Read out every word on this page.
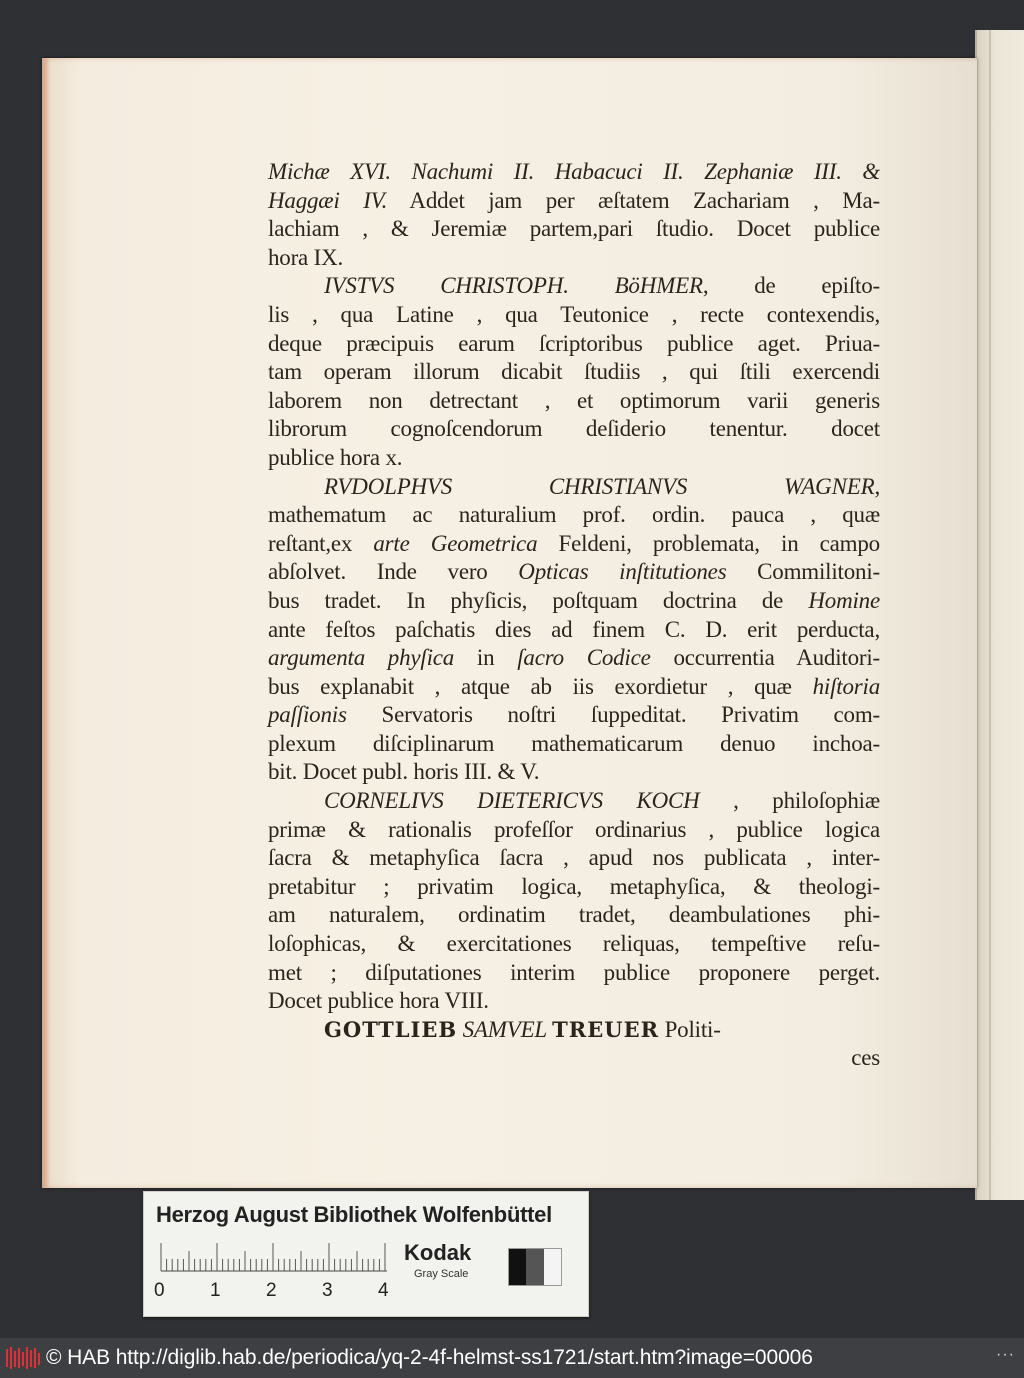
Michæ XVI. Nachumi II. Habacuci II. Zephaniæ III. &
Haggæi IV. Addet jam per æſtatem Zachariam , Ma-
lachiam , & Jeremiæ partem,pari ſtudio. Docet publice
hora IX.
IVSTVS CHRISTOPH. BöHMER, de epiſto-
lis , qua Latine , qua Teutonice , recte contexendis,
deque præcipuis earum ſcriptoribus publice aget. Priua-
tam operam illorum dicabit ſtudiis , qui ſtili exercendi
laborem non detrectant , et optimorum varii generis
librorum cognoſcendorum deſiderio tenentur. docet
publice hora x.
RVDOLPHVS CHRISTIANVS WAGNER,
mathematum ac naturalium prof. ordin. pauca , quæ
reſtant,ex arte Geometrica Feldeni, problemata, in campo
abſolvet. Inde vero Opticas inſtitutiones Commilitoni-
bus tradet. In phyſicis, poſtquam doctrina de Homine
ante feſtos paſchatis dies ad finem C. D. erit perducta,
argumenta phyſica in ſacro Codice occurrentia Auditori-
bus explanabit , atque ab iis exordietur , quæ hiſtoria
paſſionis Servatoris noſtri ſuppeditat. Privatim com-
plexum diſciplinarum mathematicarum denuo inchoa-
bit. Docet publ. horis III. & V.
CORNELIVS DIETERICVS KOCH , philoſophiæ
primæ & rationalis profeſſor ordinarius , publice logica
ſacra & metaphyſica ſacra , apud nos publicata , inter-
pretabitur ; privatim logica, metaphyſica, & theologi-
am naturalem, ordinatim tradet, deambulationes phi-
loſophicas, & exercitationes reliquas, tempeſtive reſu-
met ; diſputationes interim publice proponere perget.
Docet publice hora VIII.
GOTTLIEB SAMVEL TREUER Politi-
ces
Herzog August Bibliothek Wolfenbüttel
0 1 2 3 4
Kodak
Gray Scale
© HAB http://diglib.hab.de/periodica/yq-2-4f-helmst-ss1721/start.htm?image=00006	···
